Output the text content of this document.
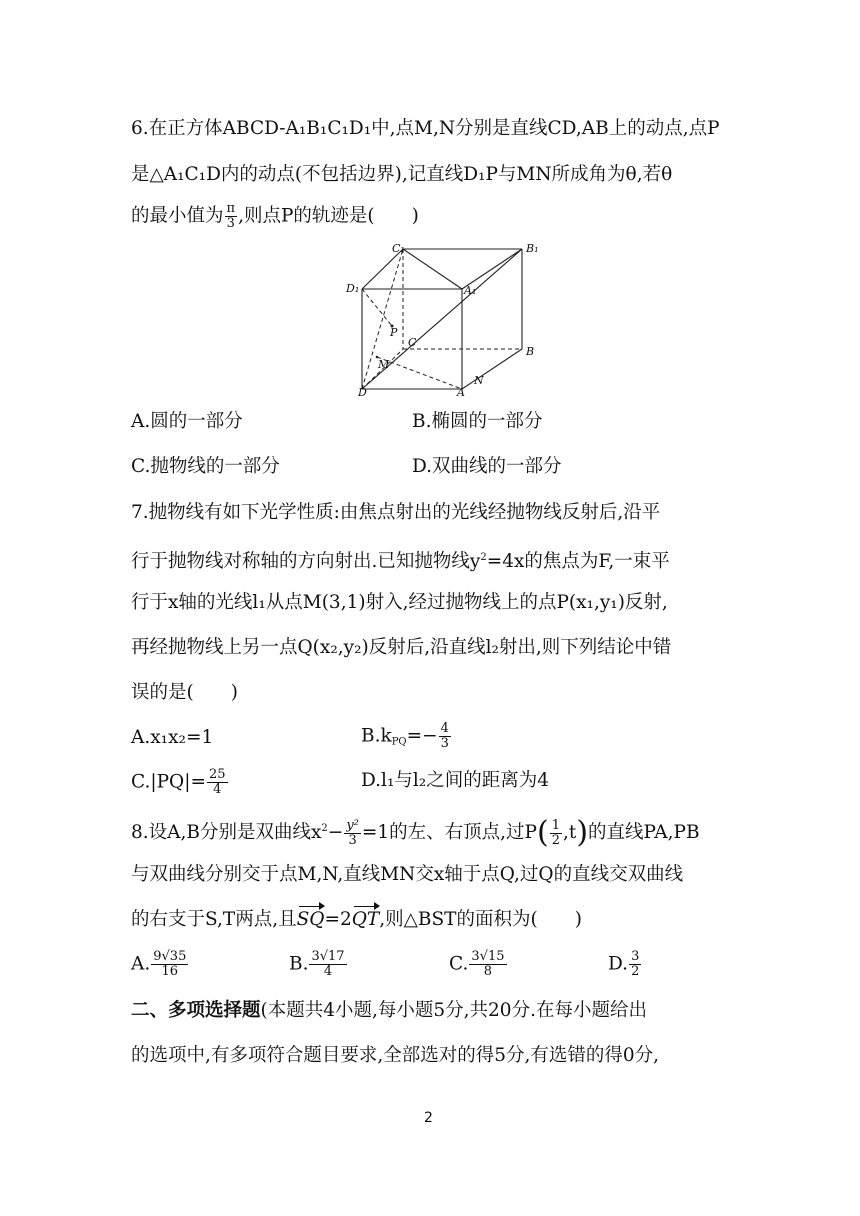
6.在正方体ABCD-A₁B₁C₁D₁中,点M,N分别是直线CD,AB上的动点,点P
是△A₁C₁D内的动点(不包括边界),记直线D₁P与MN所成角为θ,若θ
的最小值为 $\frac{\pi}{3}$ ,则点P的轨迹是(　　)
C₁	B₁
D₁	A₁
P
C
B
M
D	A
N
A.圆的一部分	B.椭圆的一部分
C.抛物线的一部分	D.双曲线的一部分
7.抛物线有如下光学性质:由焦点射出的光线经抛物线反射后,沿平
行于抛物线对称轴的方向射出.已知抛物线$y^2=4x$的焦点为F,一束平
行于x轴的光线l₁从点M(3,1)射入,经过抛物线上的点P(x₁,y₁)反射,
再经抛物线上另一点Q(x₂,y₂)反射后,沿直线l₂射出,则下列结论中错
误的是(　　)
A.x₁x₂=1	$B.k_{PQ}=- \frac{4}{3}$
$C.|PQ|= \frac{25}{4}$	D.l₁与l₂之间的距离为4
8.设A,B分别是双曲线$x^2- \frac{\text{y²}}{3} =1$的左、右顶点,过$P( \frac{1}{2} ,t)$的直线PA,PB
与双曲线分别交于点M,N,直线MN交x轴于点Q,过Q的直线交双曲线
的右支于S,T两点,且SQ=2QT,则△BST的面积为(　　)
A. $\frac{9√35}{16}$	B. $\frac{3√17}{4}$	C. $\frac{3√15}{8}$	D. $\frac{3}{2}$
二、多项选择题(本题共4小题,每小题5分,共20分.在每小题给出
的选项中,有多项符合题目要求,全部选对的得5分,有选错的得0分,
2
